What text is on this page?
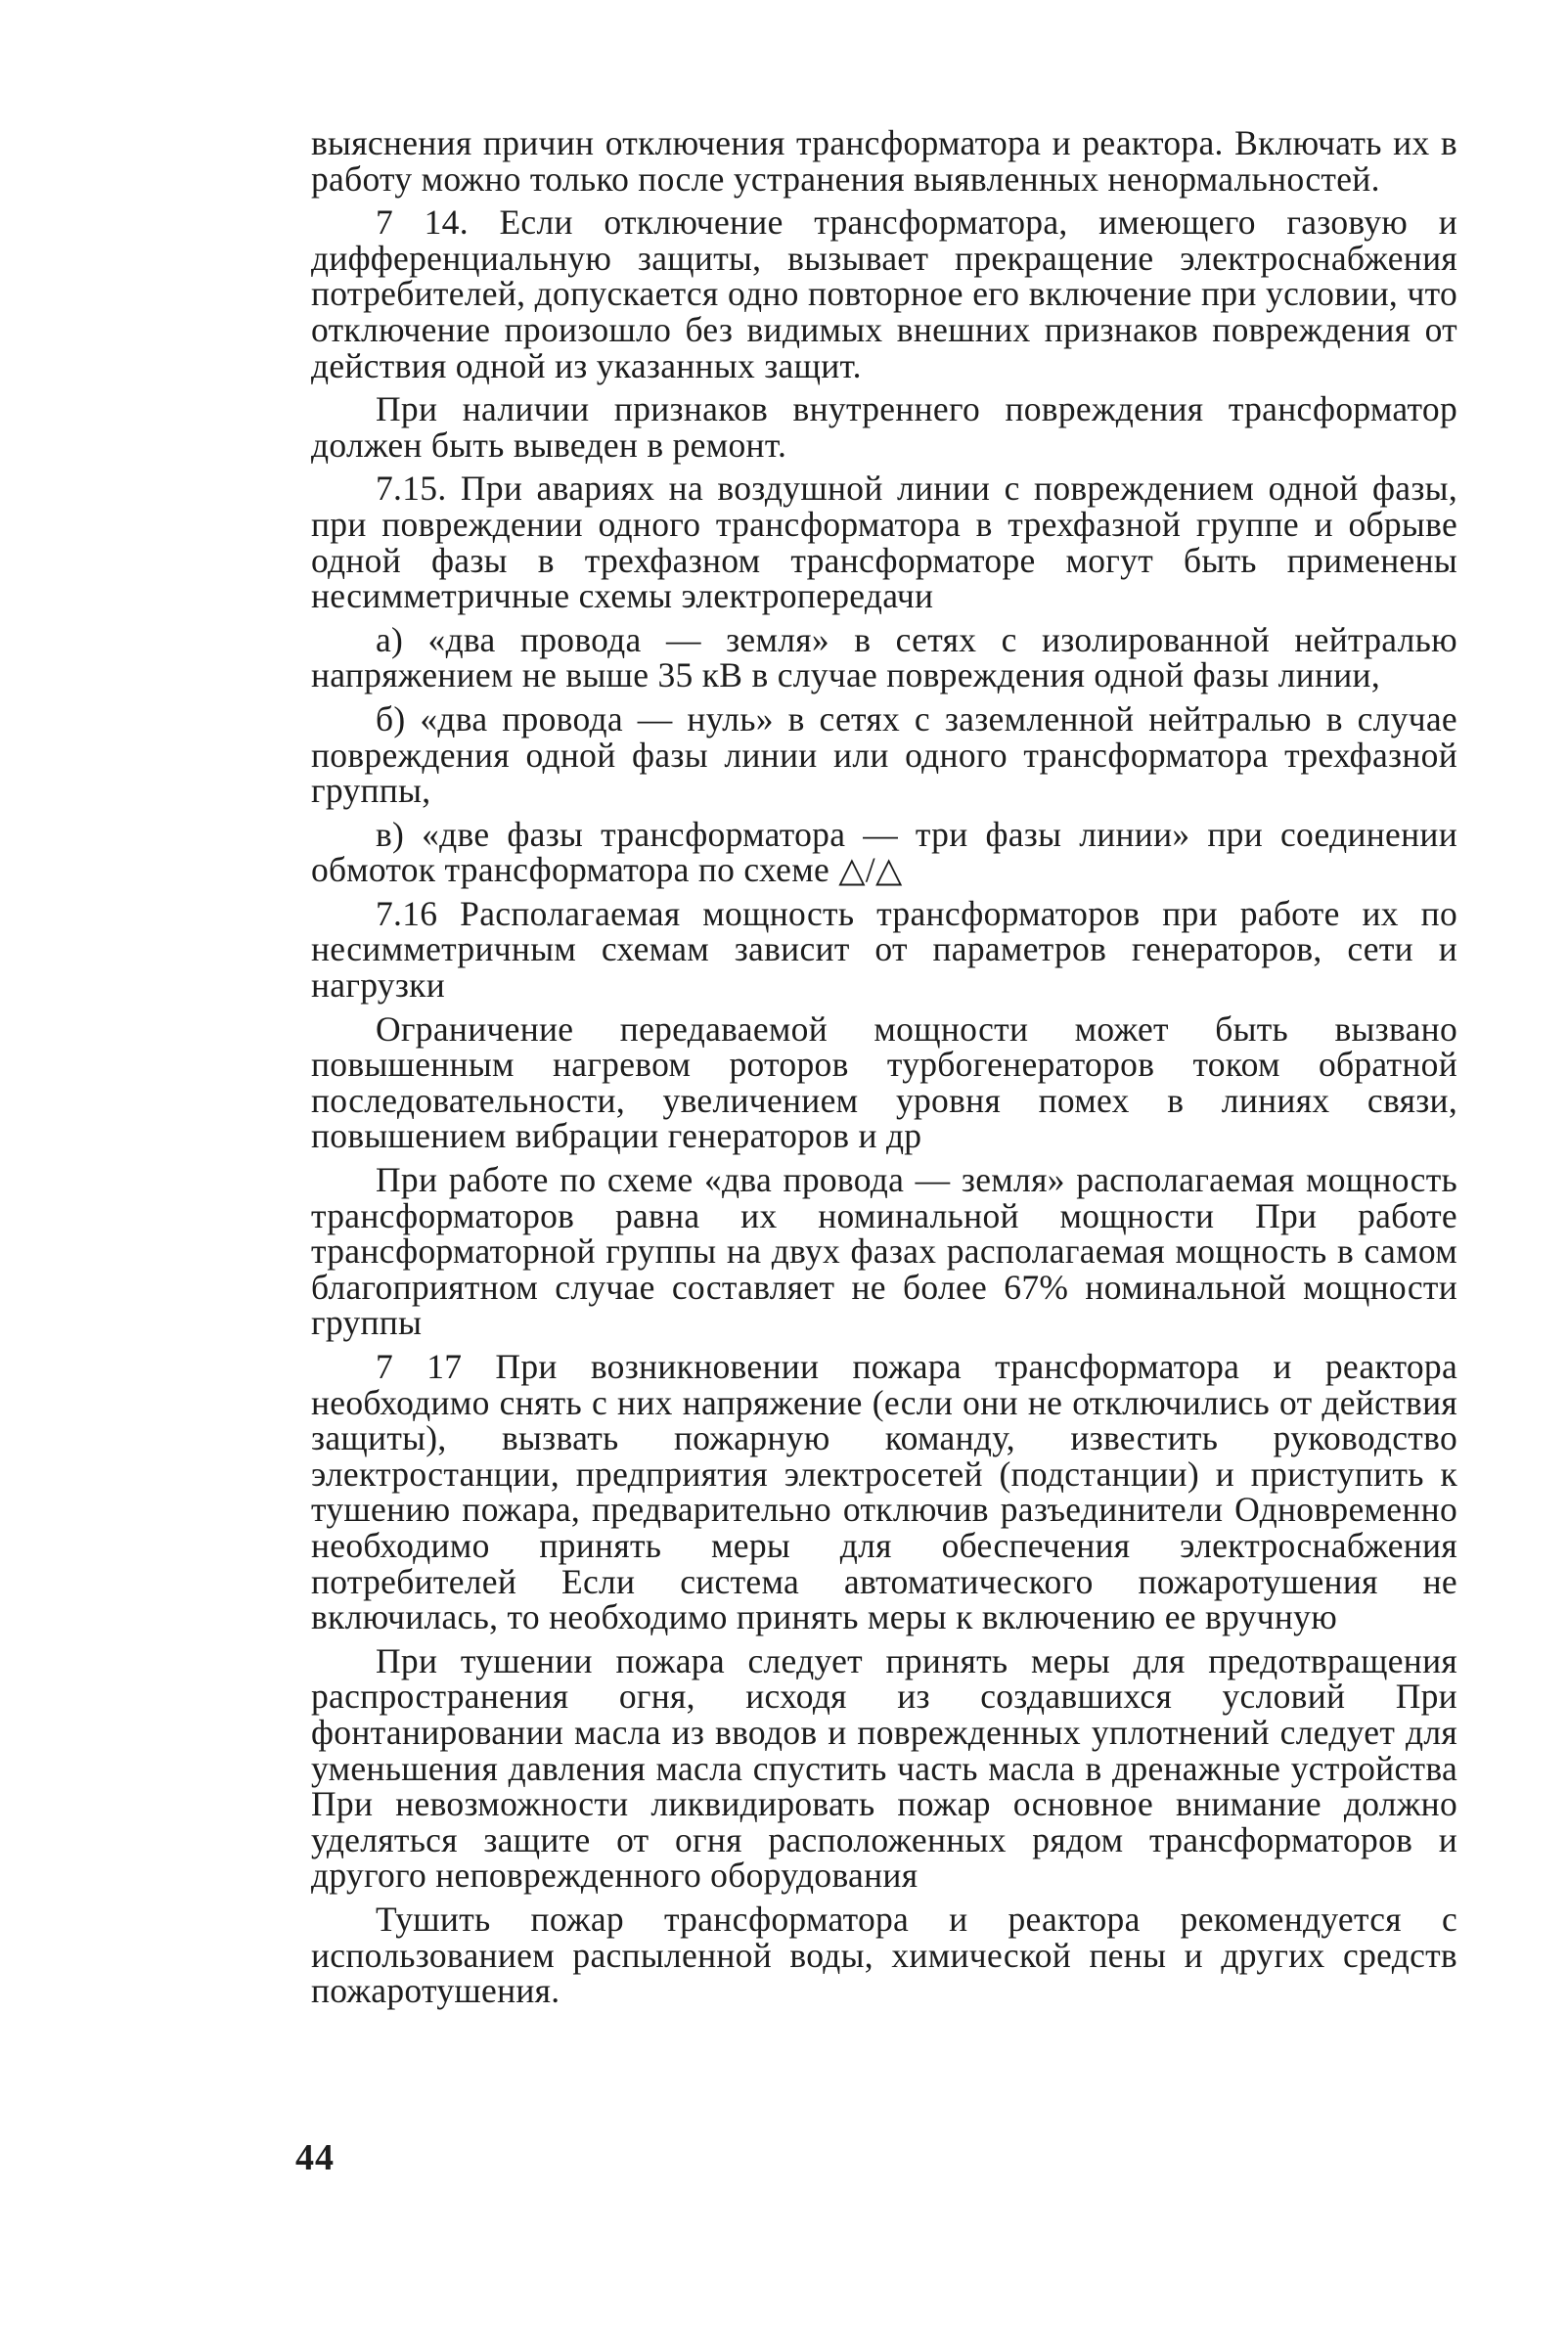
выяснения причин отключения трансформатора и реактора. Включать их в работу можно только после устранения выявленных ненормальностей.

7 14. Если отключение трансформатора, имеющего газовую и дифференциальную защиты, вызывает прекращение электроснабжения потребителей, допускается одно повторное его включение при условии, что отключение произошло без видимых внешних признаков повреждения от действия одной из указанных защит.

При наличии признаков внутреннего повреждения трансформатор должен быть выведен в ремонт.

7.15. При авариях на воздушной линии с повреждением одной фазы, при повреждении одного трансформатора в трехфазной группе и обрыве одной фазы в трехфазном трансформаторе могут быть применены несимметричные схемы электропередачи

а) «два провода — земля» в сетях с изолированной нейтралью напряжением не выше 35 кВ в случае повреждения одной фазы линии,

б) «два провода — нуль» в сетях с заземленной нейтралью в случае повреждения одной фазы линии или одного трансформатора трехфазной группы,

в) «две фазы трансформатора — три фазы линии» при соединении обмоток трансформатора по схеме △/△

7.16 Располагаемая мощность трансформаторов при работе их по несимметричным схемам зависит от параметров генераторов, сети и нагрузки

Ограничение передаваемой мощности может быть вызвано повышенным нагревом роторов турбогенераторов током обратной последовательности, увеличением уровня помех в линиях связи, повышением вибрации генераторов и др

При работе по схеме «два провода — земля» располагаемая мощность трансформаторов равна их номинальной мощности При работе трансформаторной группы на двух фазах располагаемая мощность в самом благоприятном случае составляет не более 67% номинальной мощности группы

7 17 При возникновении пожара трансформатора и реактора необходимо снять с них напряжение (если они не отключились от действия защиты), вызвать пожарную команду, известить руководство электростанции, предприятия электросетей (подстанции) и приступить к тушению пожара, предварительно отключив разъединители Одновременно необходимо принять меры для обеспечения электроснабжения потребителей Если система автоматического пожаротушения не включилась, то необходимо принять меры к включению ее вручную

При тушении пожара следует принять меры для предотвращения распространения огня, исходя из создавшихся условий При фонтанировании масла из вводов и поврежденных уплотнений следует для уменьшения давления масла спустить часть масла в дренажные устройства При невозможности ликвидировать пожар основное внимание должно уделяться защите от огня расположенных рядом трансформаторов и другого неповрежденного оборудования

Тушить пожар трансформатора и реактора рекомендуется с использованием распыленной воды, химической пены и других средств пожаротушения.

44
